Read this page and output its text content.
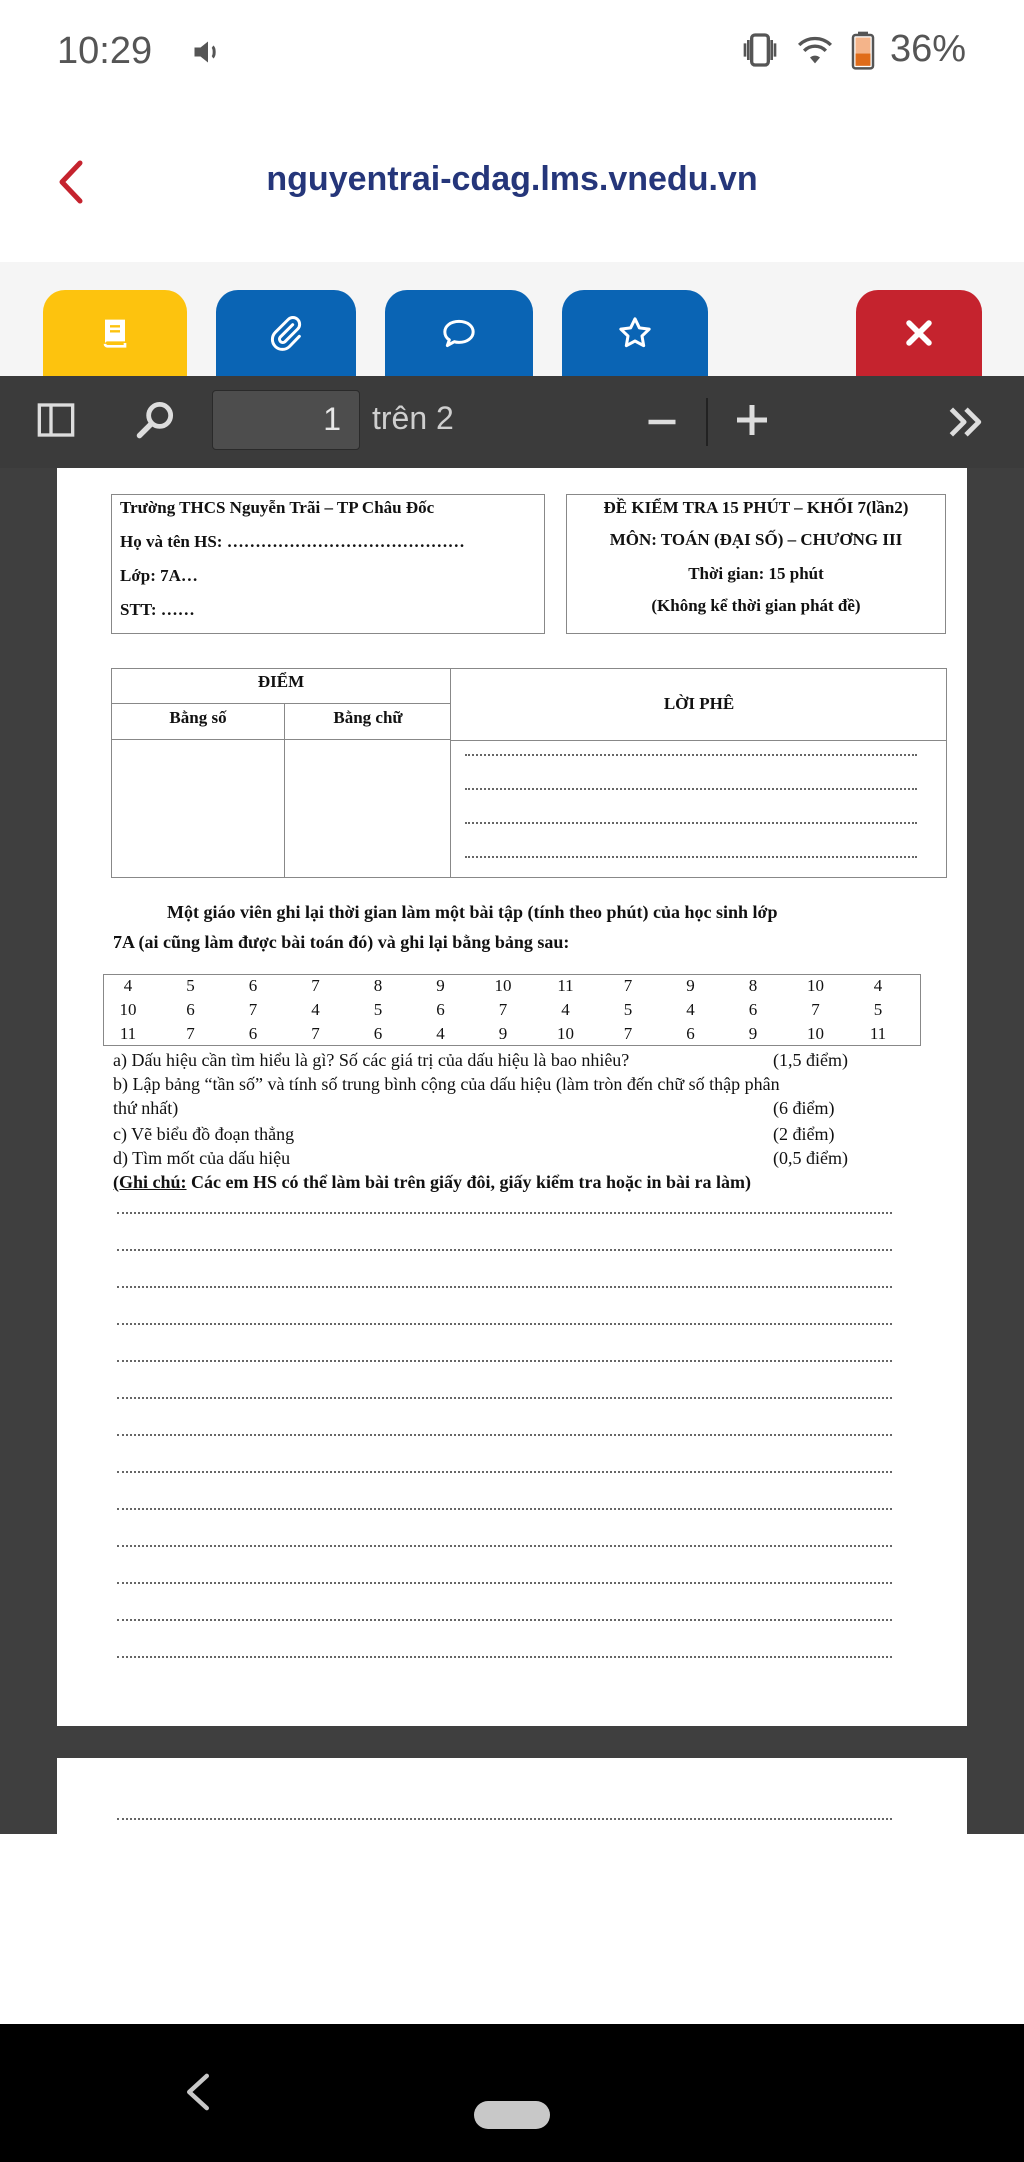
10:29	36%
nguyentrai-cdag.lms.vnedu.vn
1 trên 2
Trường THCS Nguyễn Trãi – TP Châu Đốc
Họ và tên HS: ……………………………………
Lớp: 7A…
STT: ……
ĐỀ KIỂM TRA 15 PHÚT – KHỐI 7(lần2)
MÔN: TOÁN (ĐẠI SỐ) – CHƯƠNG III
Thời gian: 15 phút
(Không kể thời gian phát đề)
ĐIỂM
Bằng số	Bằng chữ
LỜI PHÊ
Một giáo viên ghi lại thời gian làm một bài tập (tính theo phút) của học sinh lớp
7A (ai cũng làm được bài toán đó) và ghi lại bằng bảng sau:
4	5	6	7	8	9	10	11	7	9	8	10	4
10	6	7	4	5	6	7	4	5	4	6	7	5
11	7	6	7	6	4	9	10	7	6	9	10	11
a) Dấu hiệu cần tìm hiểu là gì? Số các giá trị của dấu hiệu là bao nhiêu?	(1,5 điểm)
b) Lập bảng “tần số” và tính số trung bình cộng của dấu hiệu (làm tròn đến chữ số thập phân
thứ nhất)	(6 điểm)
c) Vẽ biểu đồ đoạn thẳng	(2 điểm)
d) Tìm mốt của dấu hiệu	(0,5 điểm)
(Ghi chú: Các em HS có thể làm bài trên giấy đôi, giấy kiểm tra hoặc in bài ra làm)
